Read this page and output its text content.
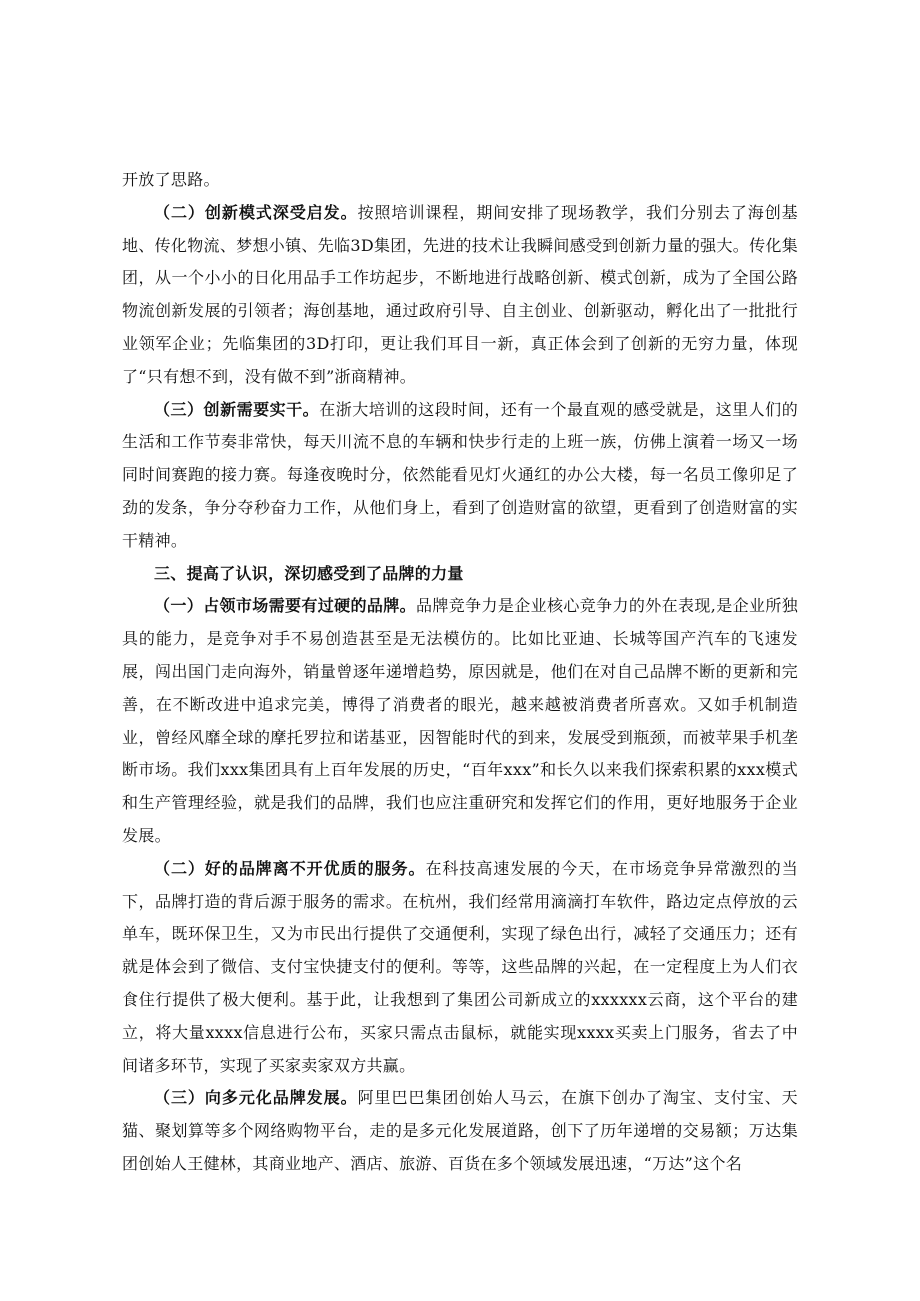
开放了思路。

（二）创新模式深受启发。按照培训课程，期间安排了现场教学，我们分别去了海创基地、传化物流、梦想小镇、先临3D集团，先进的技术让我瞬间感受到创新力量的强大。传化集团，从一个小小的日化用品手工作坊起步，不断地进行战略创新、模式创新，成为了全国公路物流创新发展的引领者；海创基地，通过政府引导、自主创业、创新驱动，孵化出了一批批行业领军企业；先临集团的3D打印，更让我们耳目一新，真正体会到了创新的无穷力量，体现了“只有想不到，没有做不到”浙商精神。

（三）创新需要实干。在浙大培训的这段时间，还有一个最直观的感受就是，这里人们的生活和工作节奏非常快，每天川流不息的车辆和快步行走的上班一族，仿佛上演着一场又一场同时间赛跑的接力赛。每逢夜晚时分，依然能看见灯火通红的办公大楼，每一名员工像卯足了劲的发条，争分夺秒奋力工作，从他们身上，看到了创造财富的欲望，更看到了创造财富的实干精神。

三、提高了认识，深切感受到了品牌的力量

（一）占领市场需要有过硬的品牌。品牌竞争力是企业核心竞争力的外在表现,是企业所独具的能力，是竞争对手不易创造甚至是无法模仿的。比如比亚迪、长城等国产汽车的飞速发展，闯出国门走向海外，销量曾逐年递增趋势，原因就是，他们在对自己品牌不断的更新和完善，在不断改进中追求完美，博得了消费者的眼光，越来越被消费者所喜欢。又如手机制造业，曾经风靡全球的摩托罗拉和诺基亚，因智能时代的到来，发展受到瓶颈，而被苹果手机垄断市场。我们xxx集团具有上百年发展的历史，“百年xxx”和长久以来我们探索积累的xxx模式和生产管理经验，就是我们的品牌，我们也应注重研究和发挥它们的作用，更好地服务于企业发展。

（二）好的品牌离不开优质的服务。在科技高速发展的今天，在市场竞争异常激烈的当下，品牌打造的背后源于服务的需求。在杭州，我们经常用滴滴打车软件，路边定点停放的云单车，既环保卫生，又为市民出行提供了交通便利，实现了绿色出行，减轻了交通压力；还有就是体会到了微信、支付宝快捷支付的便利。等等，这些品牌的兴起，在一定程度上为人们衣食住行提供了极大便利。基于此，让我想到了集团公司新成立的xxxxxx云商，这个平台的建立，将大量xxxx信息进行公布，买家只需点击鼠标，就能实现xxxx买卖上门服务，省去了中间诸多环节，实现了买家卖家双方共赢。

（三）向多元化品牌发展。阿里巴巴集团创始人马云，在旗下创办了淘宝、支付宝、天猫、聚划算等多个网络购物平台，走的是多元化发展道路，创下了历年递增的交易额；万达集团创始人王健林，其商业地产、酒店、旅游、百货在多个领域发展迅速，“万达”这个名
